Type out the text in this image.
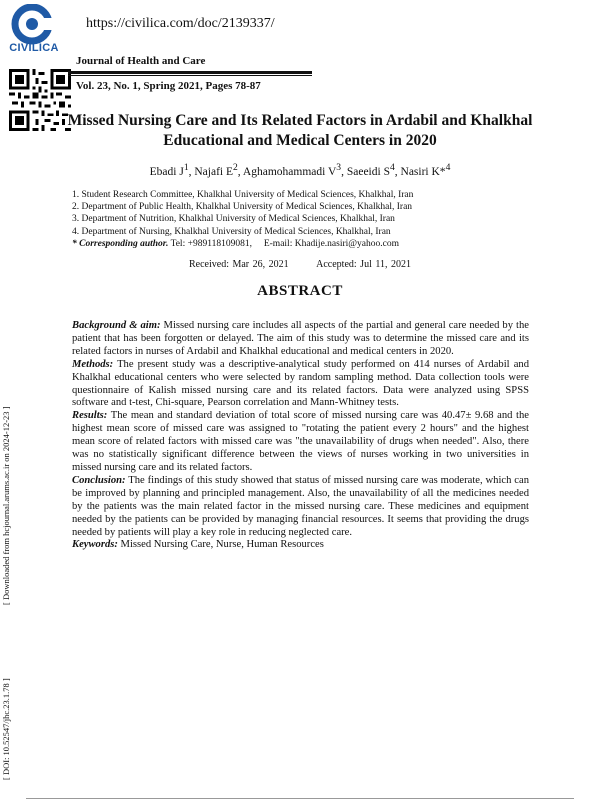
CIVILICA
https://civilica.com/doc/2139337/
Journal of Health and Care
Vol. 23, No. 1, Spring 2021, Pages 78-87
Missed Nursing Care and Its Related Factors in Ardabil and Khalkhal Educational and Medical Centers in 2020
Ebadi $J^1$, Najafi $E^2$, Aghamohammadi $V^3$, Saeeidi $S^4$, Nasiri K*$^4$
1. Student Research Committee, Khalkhal University of Medical Sciences, Khalkhal, Iran
2. Department of Public Health, Khalkhal University of Medical Sciences, Khalkhal, Iran
3. Department of Nutrition, Khalkhal University of Medical Sciences, Khalkhal, Iran
4. Department of Nursing, Khalkhal University of Medical Sciences, Khalkhal, Iran
* Corresponding author. Tel: +989118109081, E-mail: Khadije.nasiri@yahoo.com
Received: Mar 26, 2021	Accepted: Jul 11, 2021
ABSTRACT

Background & aim: Missed nursing care includes all aspects of the partial and general care needed by the patient that has been forgotten or delayed. The aim of this study was to determine the missed care and its related factors in nurses of Ardabil and Khalkhal educational and medical centers in 2020.

Methods: The present study was a descriptive-analytical study performed on 414 nurses of Ardabil and Khalkhal educational centers who were selected by random sampling method. Data collection tools were questionnaire of Kalish missed nursing care and its related factors. Data were analyzed using SPSS software and t-test, Chi-square, Pearson correlation and Mann-Whitney tests.

Results: The mean and standard deviation of total score of missed nursing care was 40.47± 9.68 and the highest mean score of missed care was assigned to "rotating the patient every 2 hours" and the highest mean score of related factors with missed care was "the unavailability of drugs when needed". Also, there was no statistically significant difference between the views of nurses working in two universities in missed nursing care and its related factors.

Conclusion: The findings of this study showed that status of missed nursing care was moderate, which can be improved by planning and principled management. Also, the unavailability of all the medicines needed by the patients was the main related factor in the missed nursing care. These medicines and equipment needed by the patients can be provided by managing financial resources. It seems that providing the drugs needed by patients will play a key role in reducing neglected care.

Keywords: Missed Nursing Care, Nurse, Human Resources

[ Downloaded from hcjournal.arums.ac.ir on 2024-12-23 ]
[ DOI: 10.52547/jhc.23.1.78 ]
